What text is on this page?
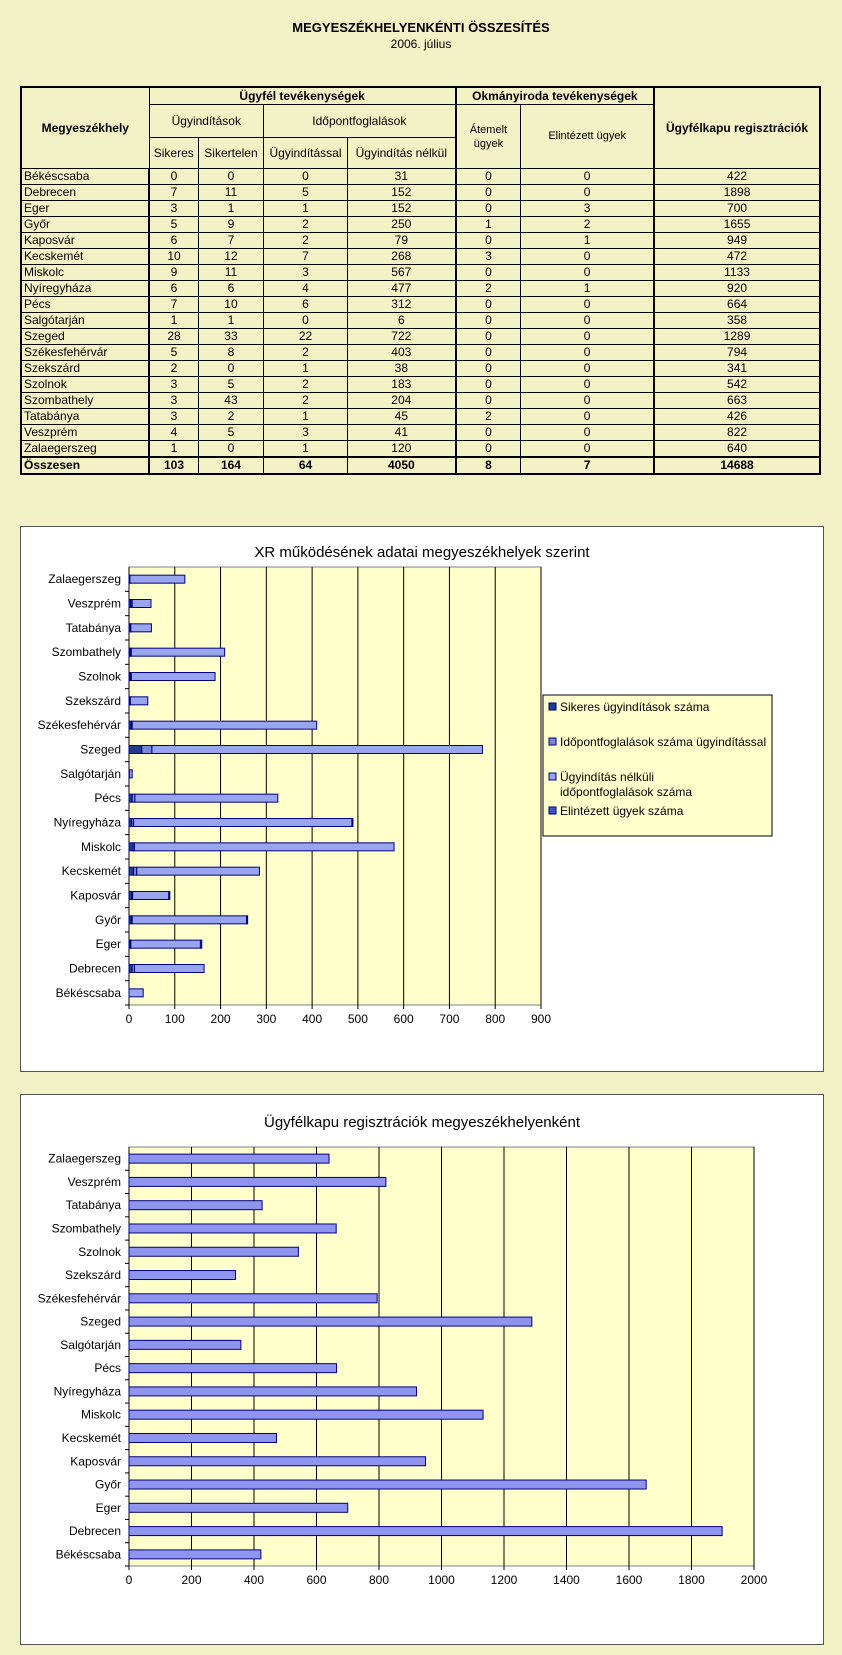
MEGYESZÉKHELYENKÉNTI ÖSSZESÍTÉS
2006. július
Megyeszékhely	Ügyfél tevékenységek				Okmányiroda tevékenységek		Ügyfélkapu regisztrációk
	Ügyindítások		Időpontfoglalások		Átemelt ügyek	Elintézett ügyek	
	Sikeres	Sikertelen	Ügyindítással	Ügyindítás nélkül			
Békéscsaba	0	0	0	31	0	0	422
Debrecen	7	11	5	152	0	0	1898
Eger	3	1	1	152	0	3	700
Győr	5	9	2	250	1	2	1655
Kaposvár	6	7	2	79	0	1	949
Kecskemét	10	12	7	268	3	0	472
Miskolc	9	11	3	567	0	0	1133
Nyíregyháza	6	6	4	477	2	1	920
Pécs	7	10	6	312	0	0	664
Salgótarján	1	1	0	6	0	0	358
Szeged	28	33	22	722	0	0	1289
Székesfehérvár	5	8	2	403	0	0	794
Szekszárd	2	0	1	38	0	0	341
Szolnok	3	5	2	183	0	0	542
Szombathely	3	43	2	204	0	0	663
Tatabánya	3	2	1	45	2	0	426
Veszprém	4	5	3	41	0	0	822
Zalaegerszeg	1	0	1	120	0	0	640
Összesen	103	164	64	4050	8	7	14688
XR működésének adatai megyeszékhelyek szerint
0	100 200 300 400 500 600 700 800 900
Békéscsaba
Debrecen
Eger
Győr
Kaposvár
Kecskemét
Miskolc
Nyíregyháza
Pécs
Salgótarján
Szeged
Székesfehérvár
Szekszárd
Szolnok
Szombathely
Tatabánya
Veszprém
Zalaegerszeg
Sikeres ügyindítások száma
Időpontfoglalások száma ügyindítással
Ügyindítás nélküli időpontfoglalások száma
Elintézett ügyek száma
Ügyfélkapu regisztrációk megyeszékhelyenként
0	200	400	600	800	1000	1200	1400	1600	1800	2000
Békéscsaba
Debrecen
Eger
Győr
Kaposvár
Kecskemét
Miskolc
Nyíregyháza
Pécs
Salgótarján
Szeged
Székesfehérvár
Szekszárd
Szolnok
Szombathely
Tatabánya
Veszprém
Zalaegerszeg
